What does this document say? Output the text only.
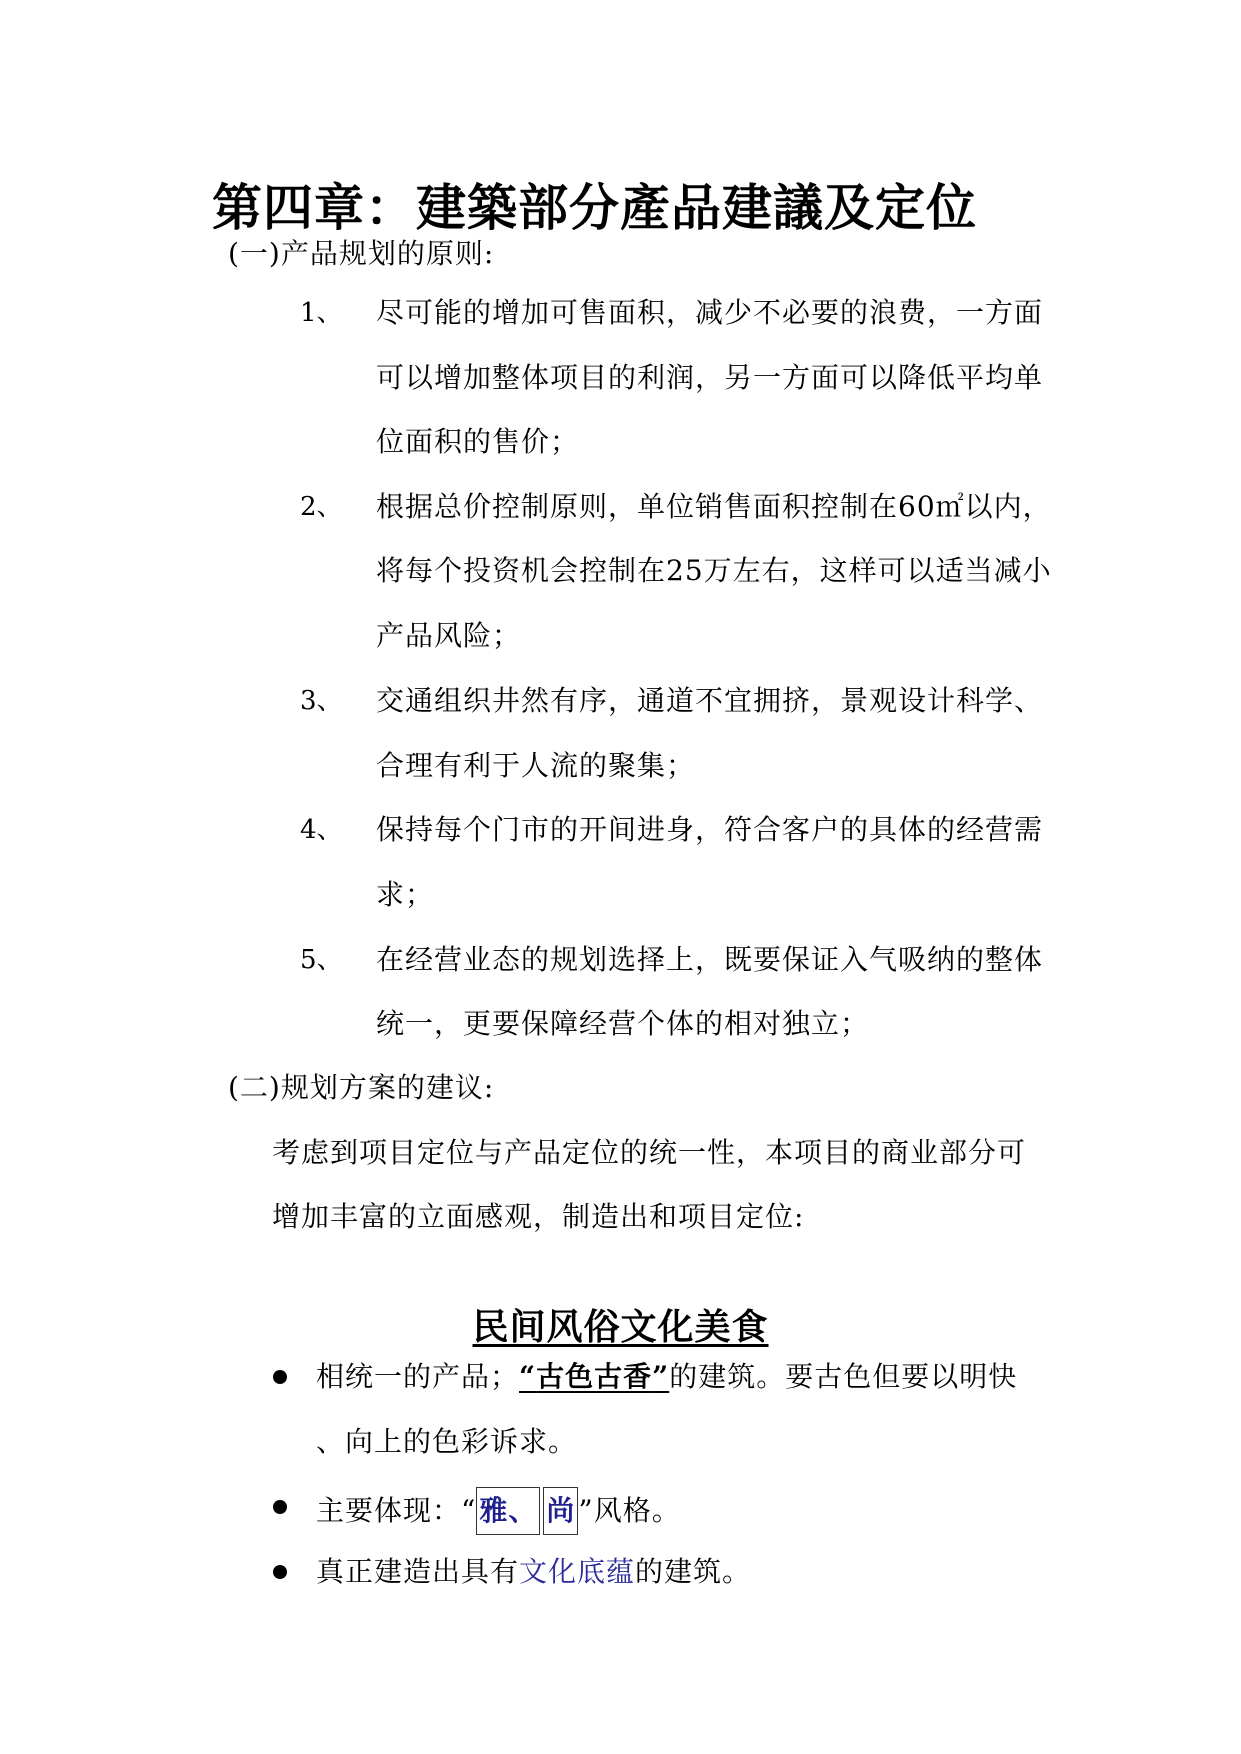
第四章：建築部分產品建議及定位
(一)产品规划的原则:
1、 尽可能的增加可售面积，减少不必要的浪费，一方面
可以增加整体项目的利润，另一方面可以降低平均单
位面积的售价；
2、 根据总价控制原则，单位销售面积控制在60㎡以内，
将每个投资机会控制在25万左右，这样可以适当减小
产品风险；
3、 交通组织井然有序，通道不宜拥挤，景观设计科学、
合理有利于人流的聚集；
4、 保持每个门市的开间进身，符合客户的具体的经营需
求；
5、 在经营业态的规划选择上，既要保证入气吸纳的整体
统一，更要保障经营个体的相对独立；
(二)规划方案的建议:
考虑到项目定位与产品定位的统一性，本项目的商业部分可
增加丰富的立面感观，制造出和项目定位:
民间风俗文化美食
相统一的产品；“古色古香”的建筑。要古色但要以明快
、向上的色彩诉求。
主要体现：“ 雅、 尚 ”风格。
真正建造出具有文化底蕴的建筑。
